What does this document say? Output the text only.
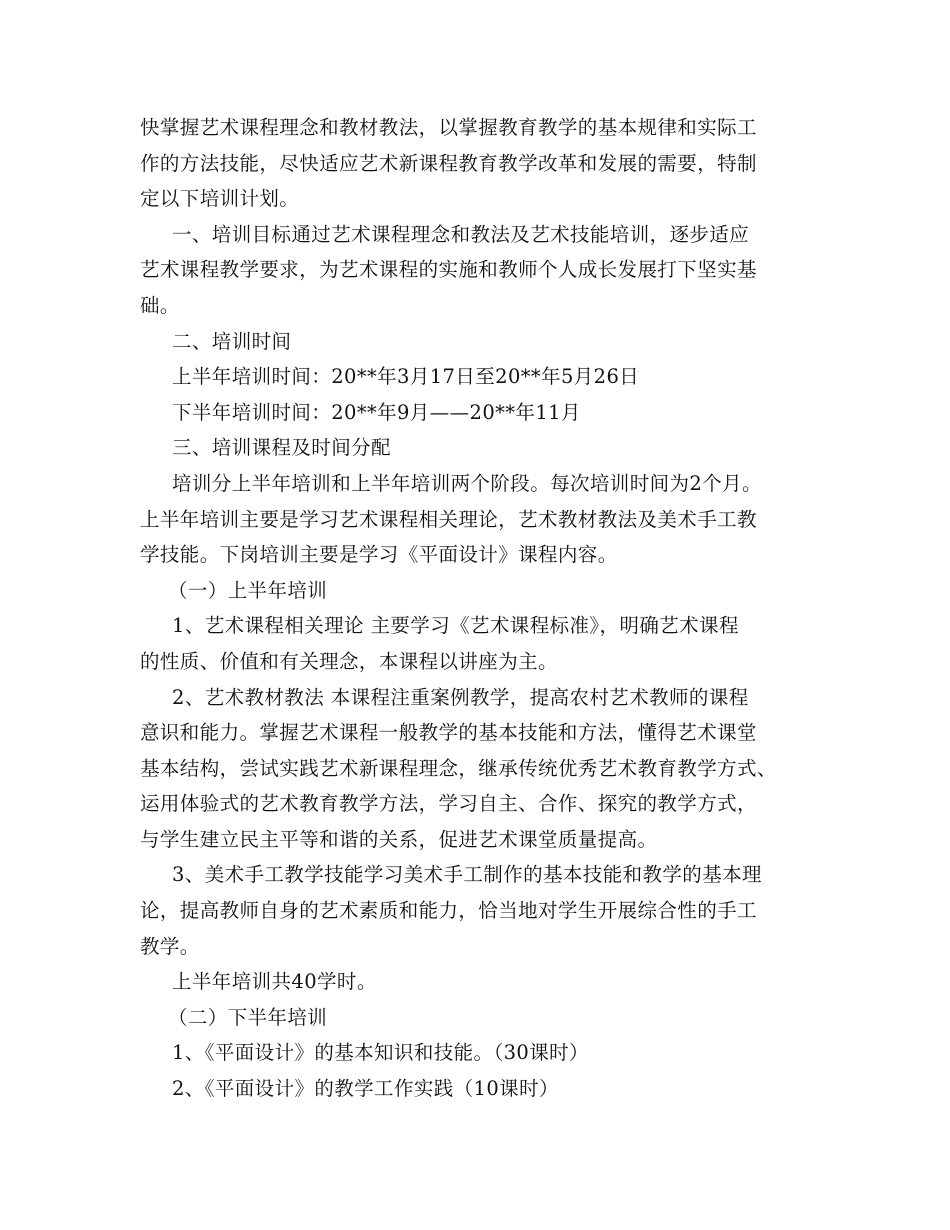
快掌握艺术课程理念和教材教法，以掌握教育教学的基本规律和实际工
作的方法技能，尽快适应艺术新课程教育教学改革和发展的需要，特制
定以下培训计划。
一、培训目标通过艺术课程理念和教法及艺术技能培训，逐步适应
艺术课程教学要求，为艺术课程的实施和教师个人成长发展打下坚实基
础。
二、培训时间
上半年培训时间：20**年3月17日至20**年5月26日
下半年培训时间：20**年9月——20**年11月
三、培训课程及时间分配
培训分上半年培训和上半年培训两个阶段。每次培训时间为2个月。
上半年培训主要是学习艺术课程相关理论，艺术教材教法及美术手工教
学技能。下岗培训主要是学习《平面设计》课程内容。
（一）上半年培训
1、艺术课程相关理论 主要学习《艺术课程标准》，明确艺术课程
的性质、价值和有关理念，本课程以讲座为主。
2、艺术教材教法 本课程注重案例教学，提高农村艺术教师的课程
意识和能力。掌握艺术课程一般教学的基本技能和方法，懂得艺术课堂
基本结构，尝试实践艺术新课程理念，继承传统优秀艺术教育教学方式、
运用体验式的艺术教育教学方法，学习自主、合作、探究的教学方式，
与学生建立民主平等和谐的关系，促进艺术课堂质量提高。
3、美术手工教学技能学习美术手工制作的基本技能和教学的基本理
论，提高教师自身的艺术素质和能力，恰当地对学生开展综合性的手工
教学。
上半年培训共40学时。
（二）下半年培训
1、《平面设计》的基本知识和技能。（30课时）
2、《平面设计》的教学工作实践（10课时）
